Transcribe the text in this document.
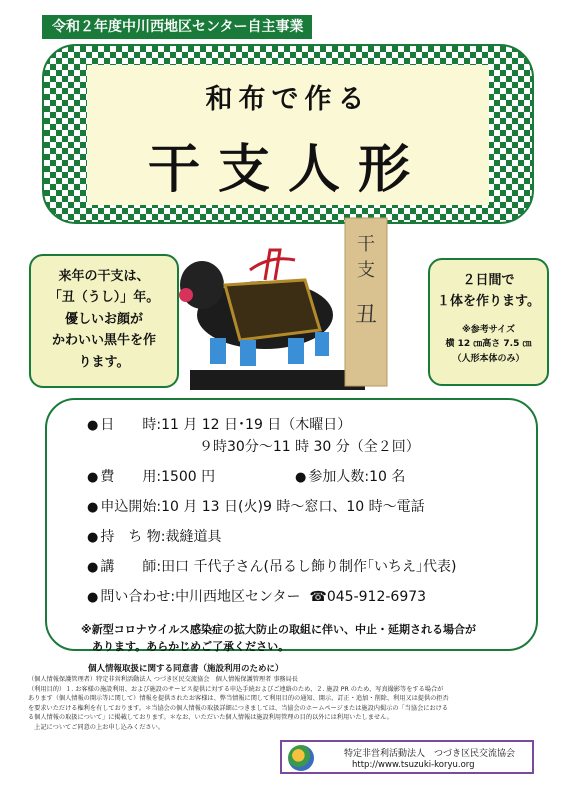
令和２年度中川西地区センター自主事業
和布で作る
干支人形
来年の干支は、
「丑（うし）」年。
優しいお顔が
かわいい黒牛を作
ります。
２日間で
１体を作ります。
※参考サイズ
横 12 ㎝高さ 7.5 ㎝
（人形本体のみ）
干
支
丑
● 日　　時:11 月 12 日･19 日（木曜日）
９時30分～11 時 30 分（全２回）
● 費　　用:1500 円	● 参加人数:10 名
● 申込開始:10 月 13 日(火)9 時～窓口、10 時～電話
● 持　ち 物:裁縫道具
● 講　　師:田口 千代子さん(吊るし飾り制作｢いちえ｣代表)
● 問い合わせ:中川西地区センター ☎045-912-6973
※新型コロナウイルス感染症の拡大防止の取組に伴い、中止・延期される場合が
　あります。あらかじめご了承ください。
個人情報取扱に関する同意書（施設利用のために）
（個人情報保護管理者）特定非営利活動法人 つづき区民交流協会　個人情報保護管理者 事務局長
（利用目的）１. お客様の施設利用、および施設のサービス提供に対する申込手続およびご連絡のため、２. 施設 PR のため、写真撮影等をする場合が
あります（個人情報の開示等に関して）情報を提供されたお客様は、弊当情報に関して利用目的の通知、開示、訂正・追加・削除、利用又は提供の拒否
を要求いただける権利を有しております。＊当協会の個人情報の取扱詳細につきましては、当協会のホームページまたは施設内掲示の「当協会における
る個人情報の取扱について」に掲載しております。＊なお、いただいた個人情報は施設利用管理の目的以外には利用いたしません。
　上記についてご同意の上お申し込みください。
特定非営利活動法人　つづき区民交流協会
http://www.tsuzuki-koryu.org
